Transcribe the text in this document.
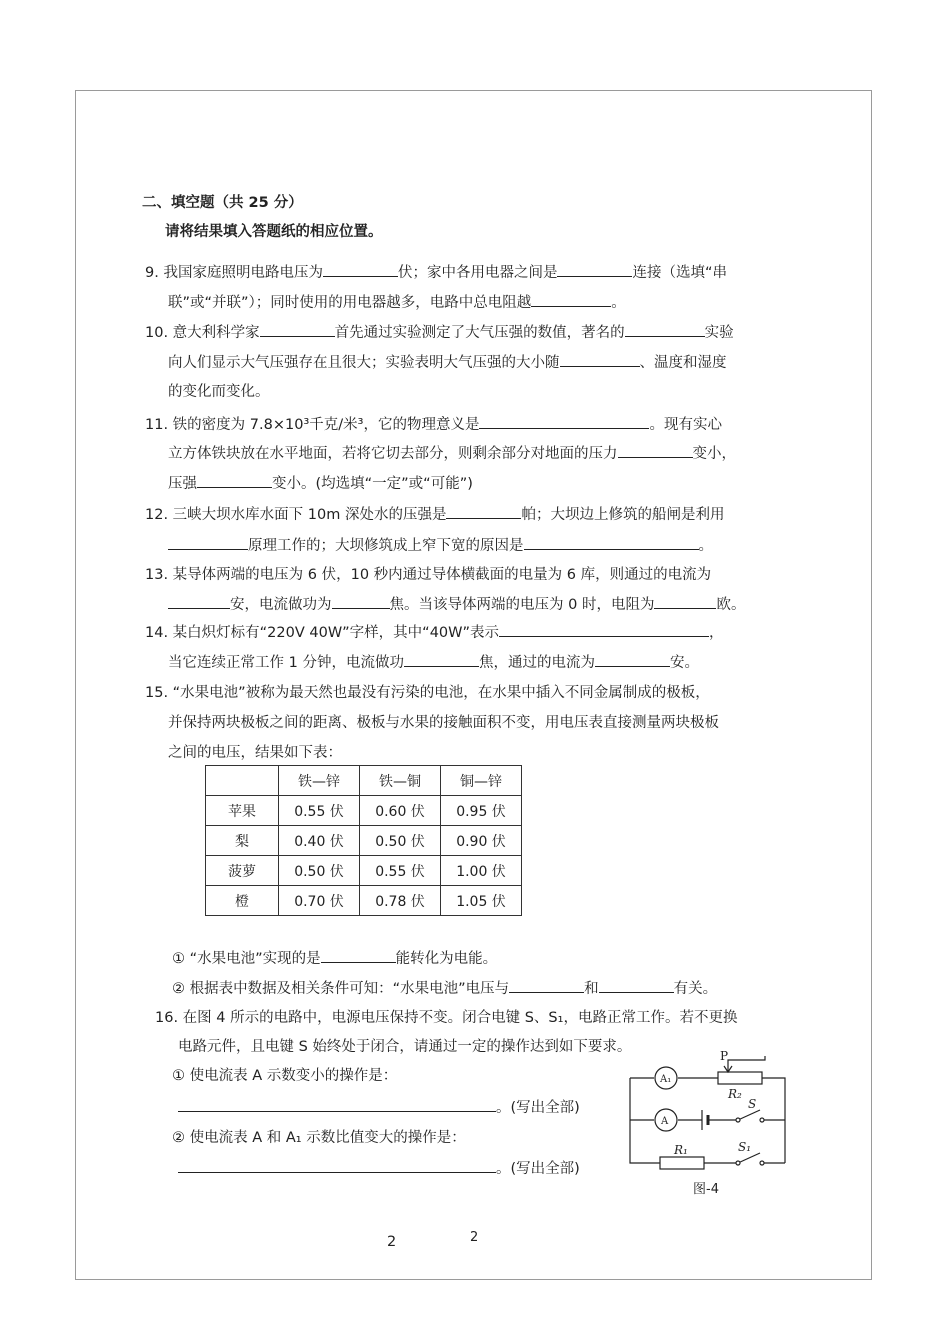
二、填空题（共 25 分）
请将结果填入答题纸的相应位置。
9. 我国家庭照明电路电压为	伏；家中各用电器之间是	连接（选填“串
联”或“并联”）；同时使用的用电器越多，电路中总电阻越	。
10. 意大利科学家	首先通过实验测定了大气压强的数值，著名的	实验
向人们显示大气压强存在且很大；实验表明大气压强的大小随	、温度和湿度
的变化而变化。
11. 铁的密度为 7.8×10³千克/米³，它的物理意义是	。现有实心
立方体铁块放在水平地面，若将它切去部分，则剩余部分对地面的压力	变小，
压强	变小。(均选填“一定”或“可能”)
12. 三峡大坝水库水面下 10m 深处水的压强是	帕；大坝边上修筑的船闸是利用
原理工作的；大坝修筑成上窄下宽的原因是	。
13. 某导体两端的电压为 6 伏，10 秒内通过导体横截面的电量为 6 库，则通过的电流为
安，电流做功为	焦。当该导体两端的电压为 0 时，电阻为	欧。
14. 某白炽灯标有“220V 40W”字样，其中“40W”表示	，
当它连续正常工作 1 分钟，电流做功	焦，通过的电流为	安。
15. “水果电池”被称为最天然也最没有污染的电池，在水果中插入不同金属制成的极板，
并保持两块极板之间的距离、极板与水果的接触面积不变，用电压表直接测量两块极板
之间的电压，结果如下表：
	铁—锌	铁—铜	铜—锌
苹果	0.55 伏	0.60 伏	0.95 伏
梨	0.40 伏	0.50 伏	0.90 伏
菠萝	0.50 伏	0.55 伏	1.00 伏
橙	0.70 伏	0.78 伏	1.05 伏
① “水果电池”实现的是	能转化为电能。
② 根据表中数据及相关条件可知：“水果电池”电压与	和	有关。
16. 在图 4 所示的电路中，电源电压保持不变。闭合电键 S、S₁，电路正常工作。若不更换
电路元件，且电键 S 始终处于闭合，请通过一定的操作达到如下要求。
① 使电流表 A 示数变小的操作是：
。(写出全部)
② 使电流表 A 和 A₁ 示数比值变大的操作是：
。(写出全部)
P
A₁
R₂
A
S
R₁	S₁
图-4
2	2
